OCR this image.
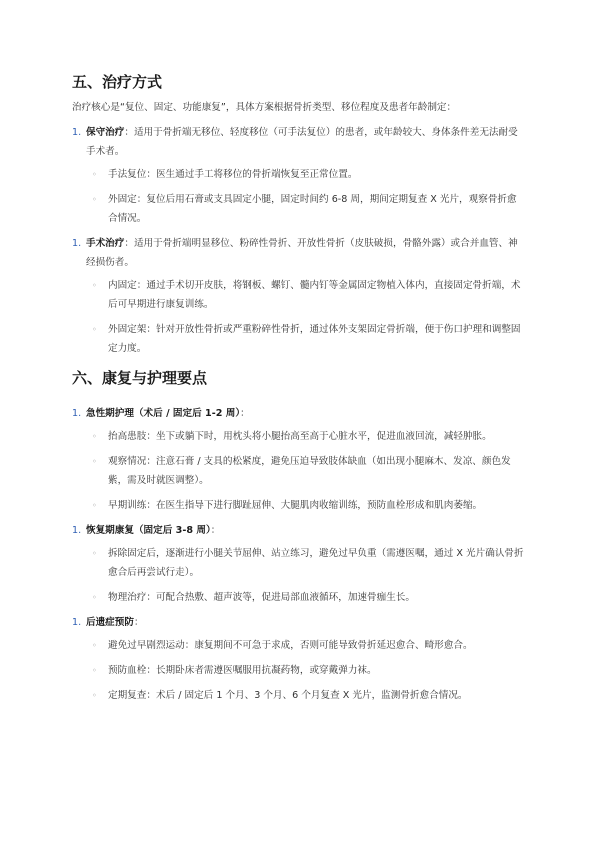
五、治疗方式
治疗核心是“复位、固定、功能康复”，具体方案根据骨折类型、移位程度及患者年龄制定：
1. 保守治疗：适用于骨折端无移位、轻度移位（可手法复位）的患者，或年龄较大、身体条件差无法耐受手术者。
◦ 手法复位：医生通过手工将移位的骨折端恢复至正常位置。
◦ 外固定：复位后用石膏或支具固定小腿，固定时间约 6-8 周，期间定期复查 X 光片，观察骨折愈合情况。
1. 手术治疗：适用于骨折端明显移位、粉碎性骨折、开放性骨折（皮肤破损，骨骼外露）或合并血管、神经损伤者。
◦ 内固定：通过手术切开皮肤，将钢板、螺钉、髓内钉等金属固定物植入体内，直接固定骨折端，术后可早期进行康复训练。
◦ 外固定架：针对开放性骨折或严重粉碎性骨折，通过体外支架固定骨折端，便于伤口护理和调整固定力度。
六、康复与护理要点
1. 急性期护理（术后 / 固定后 1-2 周）：
◦ 抬高患肢：坐下或躺下时，用枕头将小腿抬高至高于心脏水平，促进血液回流，减轻肿胀。
◦ 观察情况：注意石膏 / 支具的松紧度，避免压迫导致肢体缺血（如出现小腿麻木、发凉、颜色发紫，需及时就医调整）。
◦ 早期训练：在医生指导下进行脚趾屈伸、大腿肌肉收缩训练，预防血栓形成和肌肉萎缩。
1. 恢复期康复（固定后 3-8 周）：
◦ 拆除固定后，逐渐进行小腿关节屈伸、站立练习，避免过早负重（需遵医嘱，通过 X 光片确认骨折愈合后再尝试行走）。
◦ 物理治疗：可配合热敷、超声波等，促进局部血液循环，加速骨痂生长。
1. 后遗症预防：
◦ 避免过早剧烈运动：康复期间不可急于求成，否则可能导致骨折延迟愈合、畸形愈合。
◦ 预防血栓：长期卧床者需遵医嘱服用抗凝药物，或穿戴弹力袜。
◦ 定期复查：术后 / 固定后 1 个月、3 个月、6 个月复查 X 光片，监测骨折愈合情况。
